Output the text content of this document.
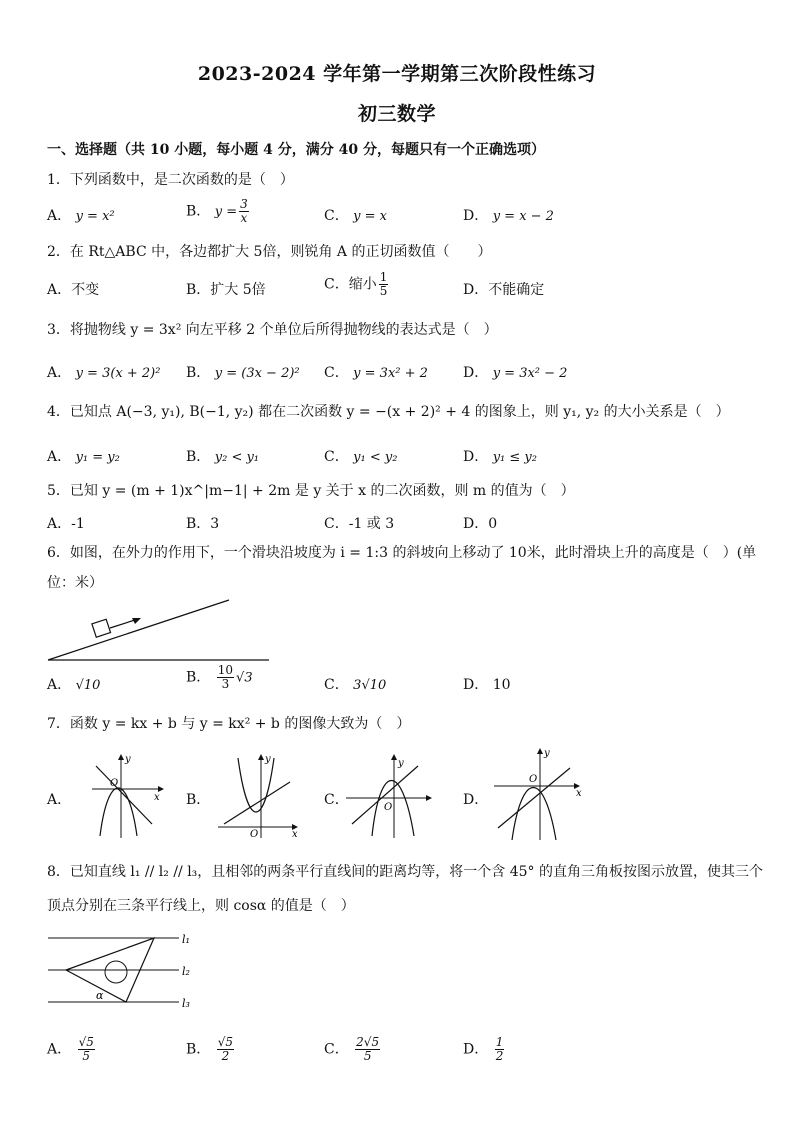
2023-2024 学年第一学期第三次阶段性练习
初三数学
一、选择题（共 10 小题，每小题 4 分，满分 40 分，每题只有一个正确选项）
1．下列函数中，是二次函数的是（　）
A． y = x²	B． $y = \frac{3}{x}$	C． y = x	D． y = x − 2
2．在 Rt△ABC 中，各边都扩大 5倍，则锐角 A 的正切函数值（　　）
A．不变	B．扩大 5倍	C．缩小 $\frac{1}{5}$	D．不能确定
3．将抛物线 y = 3x² 向左平移 2 个单位后所得抛物线的表达式是（　）
A． y = 3(x + 2)² B． y = (3x − 2)² C． y = 3x² + 2	D． y = 3x² − 2
4．已知点 A(−3, y₁), B(−1, y₂) 都在二次函数 y = −(x + 2)² + 4 的图象上，则 y₁, y₂ 的大小关系是（　）
A． y₁ = y₂	B． y₂ < y₁	C． y₁ < y₂	D． y₁ ≤ y₂
5．已知 y = (m + 1)x^|m−1| + 2m 是 y 关于 x 的二次函数，则 m 的值为（　）
A．-1	B．3	C．-1 或 3	D．0
6．如图，在外力的作用下，一个滑块沿坡度为 i = 1:3 的斜坡向上移动了 10米，此时滑块上升的高度是（　）(单
位：米）
A． √10	B． $\frac{10}{3} √3$	C． 3√10	D． 10
7．函数 y = kx + b 与 y = kx² + b 的图像大致为（　）
A．	x
y
O
B．
x
y
O
C．
y
O	D．	x
y
O
8．已知直线 l₁ // l₂ // l₃，且相邻的两条平行直线间的距离均等，将一个含 45° 的直角三角板按图示放置，使其三个
顶点分别在三条平行线上，则 cosα 的值是（　）
l₁
l₂
l₃
α
A． $\frac{√5}{5}$	B． $\frac{√5}{2}$	C． $\frac{2√5}{5}$	D． $\frac{1}{2}$
